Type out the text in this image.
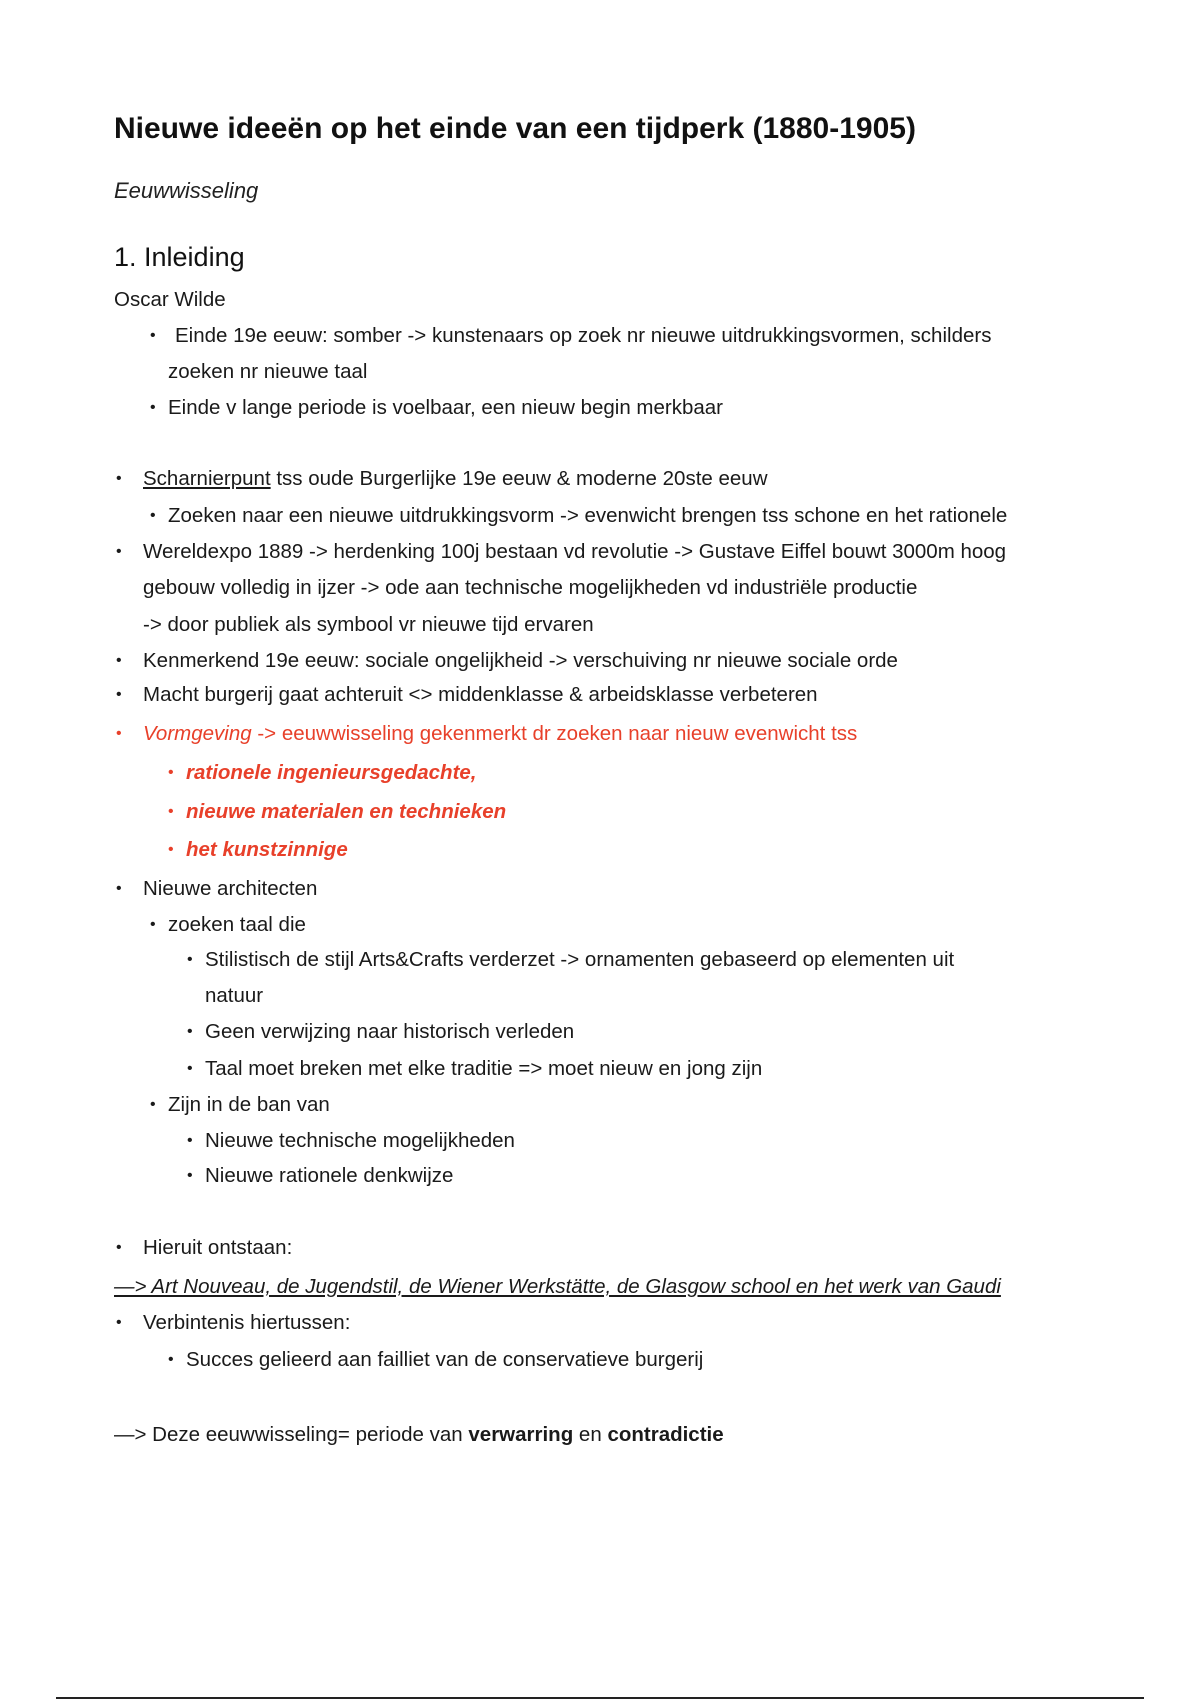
Nieuwe ideeën op het einde van een tijdperk (1880-1905)
Eeuwwisseling
1. Inleiding
Oscar Wilde
• Einde 19e eeuw: somber -> kunstenaars op zoek nr nieuwe uitdrukkingsvormen, schilders
zoeken nr nieuwe taal
• Einde v lange periode is voelbaar, een nieuw begin merkbaar
• Scharnierpunt tss oude Burgerlijke 19e eeuw & moderne 20ste eeuw
• Zoeken naar een nieuwe uitdrukkingsvorm -> evenwicht brengen tss schone en het rationele
• Wereldexpo 1889 -> herdenking 100j bestaan vd revolutie -> Gustave Eiffel bouwt 3000m hoog
gebouw volledig in ijzer -> ode aan technische mogelijkheden vd industriële productie
-> door publiek als symbool vr nieuwe tijd ervaren
• Kenmerkend 19e eeuw: sociale ongelijkheid -> verschuiving nr nieuwe sociale orde
• Macht burgerij gaat achteruit <> middenklasse & arbeidsklasse verbeteren
• Vormgeving -> eeuwwisseling gekenmerkt dr zoeken naar nieuw evenwicht tss
• rationele ingenieursgedachte,
• nieuwe materialen en technieken
• het kunstzinnige
• Nieuwe architecten
• zoeken taal die
• Stilistisch de stijl Arts&Crafts verderzet -> ornamenten gebaseerd op elementen uit
natuur
• Geen verwijzing naar historisch verleden
• Taal moet breken met elke traditie => moet nieuw en jong zijn
• Zijn in de ban van
• Nieuwe technische mogelijkheden
• Nieuwe rationele denkwijze
• Hieruit ontstaan:
—> Art Nouveau, de Jugendstil, de Wiener Werkstätte, de Glasgow school en het werk van Gaudi
• Verbintenis hiertussen:
• Succes gelieerd aan failliet van de conservatieve burgerij
—> Deze eeuwwisseling= periode van verwarring en contradictie
